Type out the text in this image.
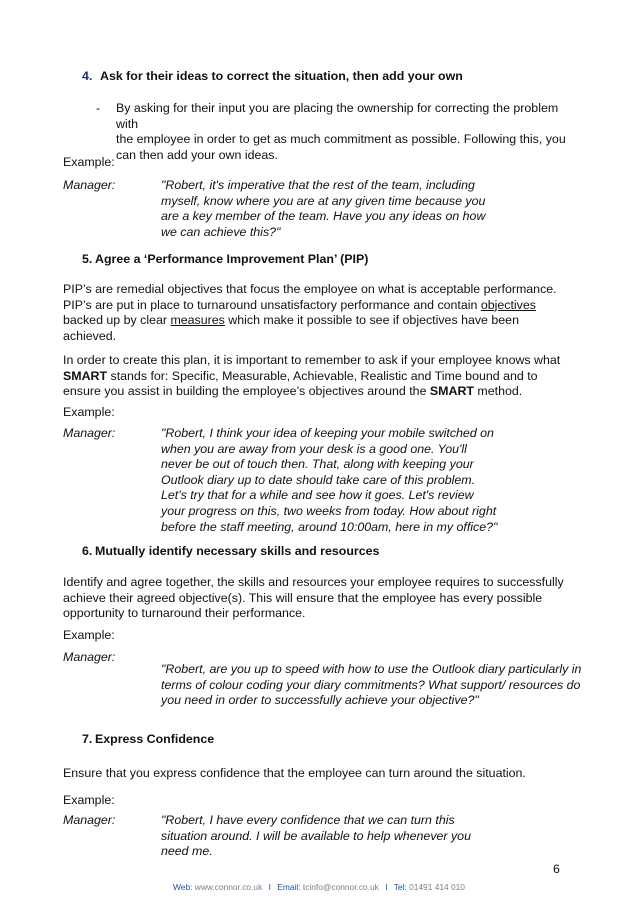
4. Ask for their ideas to correct the situation, then add your own
- By asking for their input you are placing the ownership for correcting the problem with
the employee in order to get as much commitment as possible. Following this, you
can then add your own ideas.
Example:
Manager:	"Robert, it's imperative that the rest of the team, including
myself, know where you are at any given time because you
are a key member of the team. Have you any ideas on how
we can achieve this?"
5. Agree a ‘Performance Improvement Plan’ (PIP)
PIP’s are remedial objectives that focus the employee on what is acceptable performance.
PIP’s are put in place to turnaround unsatisfactory performance and contain objectives
backed up by clear measures which make it possible to see if objectives have been
achieved.
In order to create this plan, it is important to remember to ask if your employee knows what
SMART stands for: Specific, Measurable, Achievable, Realistic and Time bound and to
ensure you assist in building the employee’s objectives around the SMART method.
Example:
Manager:	"Robert, I think your idea of keeping your mobile switched on
when you are away from your desk is a good one. You'll
never be out of touch then. That, along with keeping your
Outlook diary up to date should take care of this problem.
Let's try that for a while and see how it goes. Let's review
your progress on this, two weeks from today. How about right
before the staff meeting, around 10:00am, here in my office?"
6. Mutually identify necessary skills and resources
Identify and agree together, the skills and resources your employee requires to successfully
achieve their agreed objective(s). This will ensure that the employee has every possible
opportunity to turnaround their performance.
Example:
Manager:
"Robert, are you up to speed with how to use the Outlook diary particularly in
terms of colour coding your diary commitments? What support/ resources do
you need in order to successfully achieve your objective?"
7. Express Confidence
Ensure that you express confidence that the employee can turn around the situation.
Example:
Manager:	"Robert, I have every confidence that we can turn this
situation around. I will be available to help whenever you
need me.
6
Web: www.connor.co.uk I Email: tcinfo@connor.co.uk I Tel: 01491 414 010
